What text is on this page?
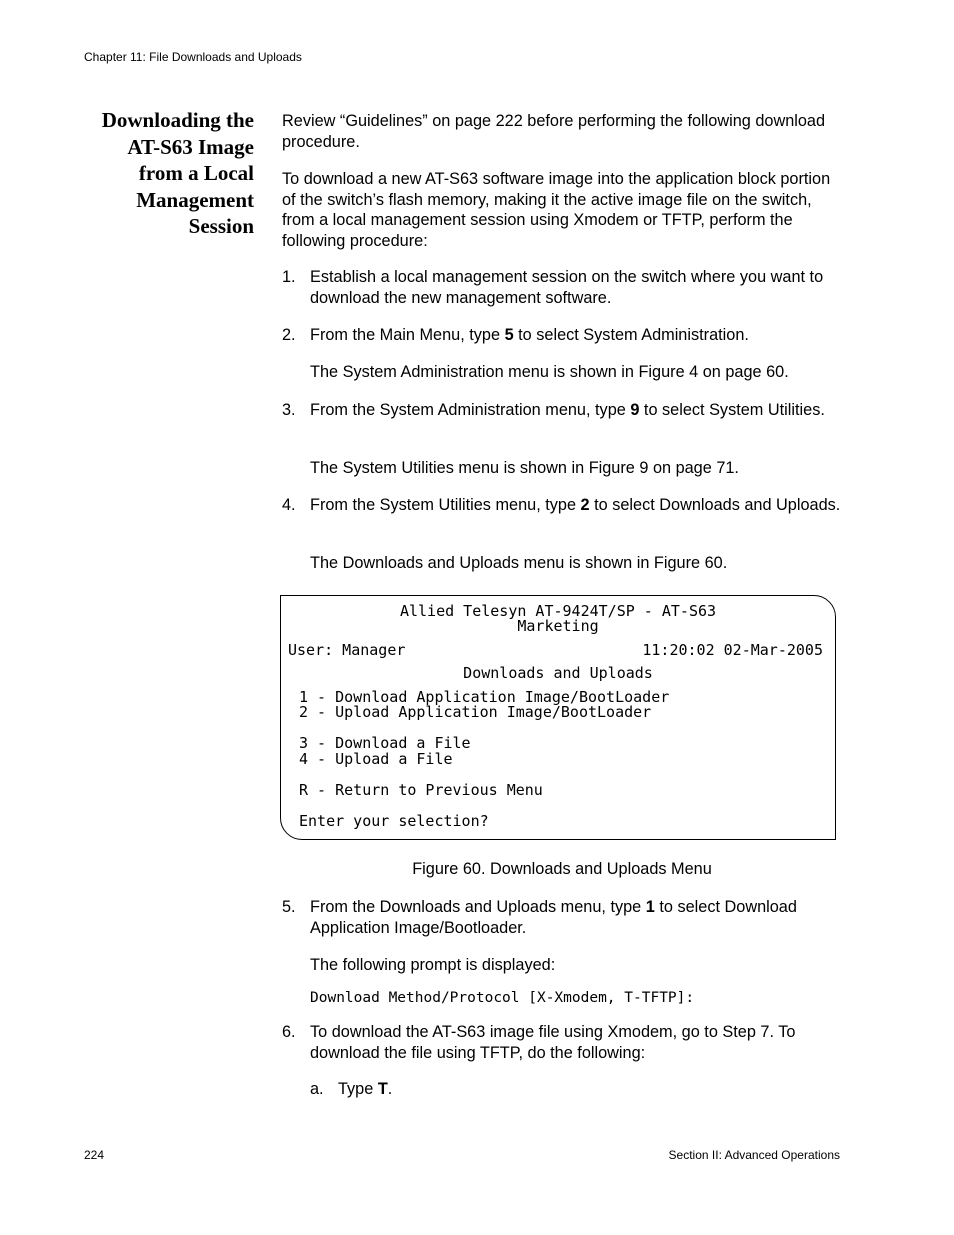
Chapter 11: File Downloads and Uploads
Downloading the
AT-S63 Image
from a Local
Management
Session
Review “Guidelines” on page 222 before performing the following download procedure.
To download a new AT-S63 software image into the application block portion of the switch’s flash memory, making it the active image file on the switch, from a local management session using Xmodem or TFTP, perform the following procedure:
1. Establish a local management session on the switch where you want to download the new management software.
2. From the Main Menu, type 5 to select System Administration.
The System Administration menu is shown in Figure 4 on page 60.
3. From the System Administration menu, type 9 to select System Utilities.
The System Utilities menu is shown in Figure 9 on page 71.
4. From the System Utilities menu, type 2 to select Downloads and Uploads.
The Downloads and Uploads menu is shown in Figure 60.
Allied Telesyn AT-9424T/SP - AT-S63
Marketing
User: Manager	11:20:02 02-Mar-2005
Downloads and Uploads
1 - Download Application Image/BootLoader
2 - Upload Application Image/BootLoader
3 - Download a File
4 - Upload a File
R - Return to Previous Menu
Enter your selection?
Figure 60. Downloads and Uploads Menu
5. From the Downloads and Uploads menu, type 1 to select Download Application Image/Bootloader.
The following prompt is displayed:
Download Method/Protocol [X-Xmodem, T-TFTP]:
6. To download the AT-S63 image file using Xmodem, go to Step 7. To download the file using TFTP, do the following:
a. Type T.
224	Section II: Advanced Operations
